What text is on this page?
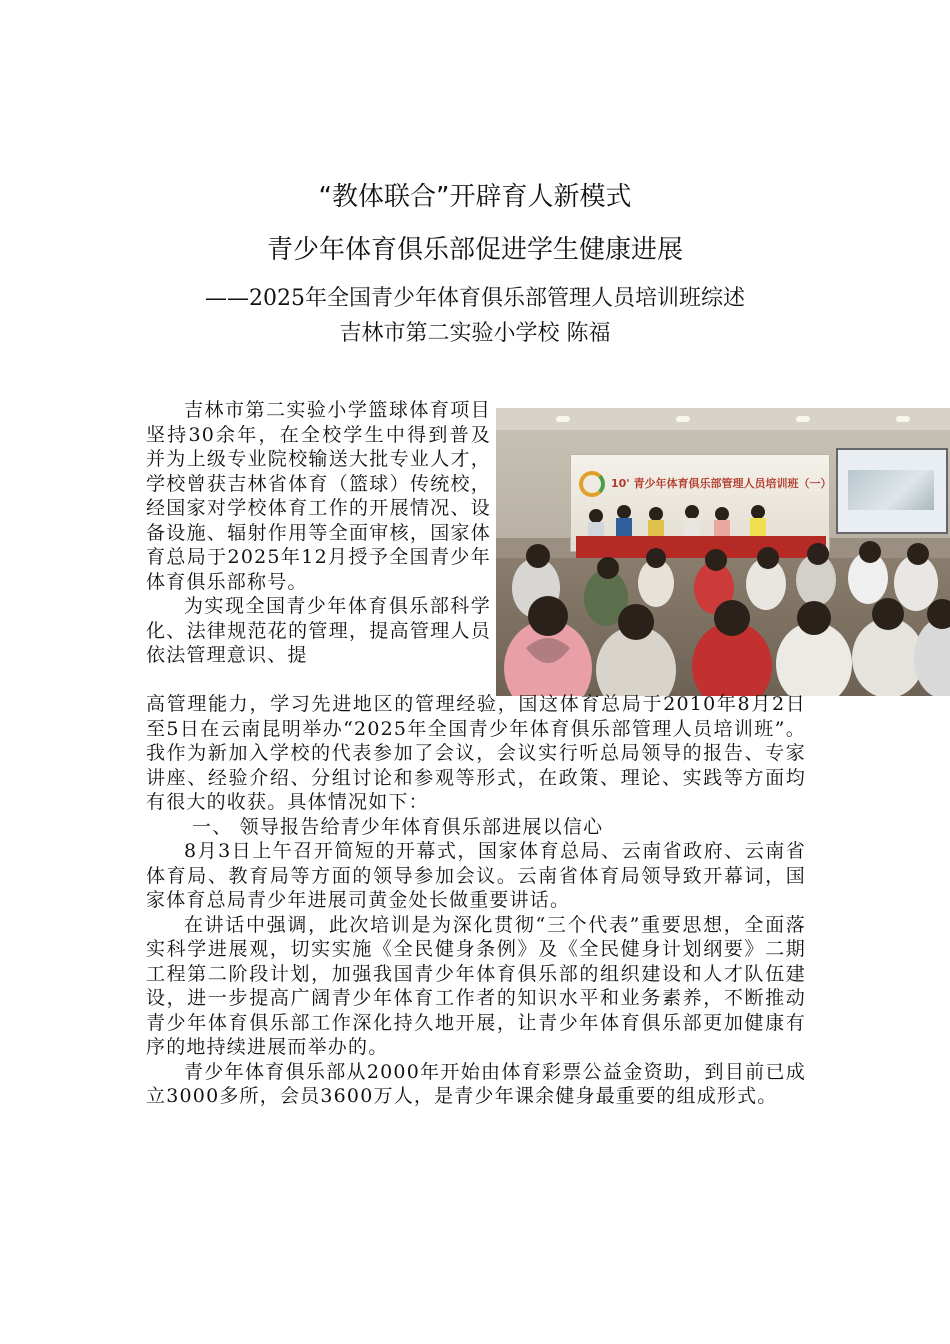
“教体联合”开辟育人新模式
青少年体育俱乐部促进学生健康进展
——2025年全国青少年体育俱乐部管理人员培训班综述
吉林市第二实验小学校 陈福

吉林市第二实验小学篮球体育项目坚持30余年，在全校学生中得到普及并为上级专业院校输送大批专业人才，学校曾获吉林省体育（篮球）传统校，经国家对学校体育工作的开展情况、设备设施、辐射作用等全面审核，国家体育总局于2025年12月授予全国青少年体育俱乐部称号。

为实现全国青少年体育俱乐部科学化、法律规范花的管理，提高管理人员依法管理意识、提

10' 青少年体育俱乐部管理人员培训班（一）

高管理能力，学习先进地区的管理经验，国这体育总局于2010年8月2日至5日在云南昆明举办“2025年全国青少年体育俱乐部管理人员培训班”。我作为新加入学校的代表参加了会议，会议实行听总局领导的报告、专家讲座、经验介绍、分组讨论和参观等形式，在政策、理论、实践等方面均有很大的收获。具体情况如下：

一、 领导报告给青少年体育俱乐部进展以信心

8月3日上午召开简短的开幕式，国家体育总局、云南省政府、云南省体育局、教育局等方面的领导参加会议。云南省体育局领导致开幕词，国家体育总局青少年进展司黄金处长做重要讲话。

在讲话中强调，此次培训是为深化贯彻“三个代表”重要思想，全面落实科学进展观，切实实施《全民健身条例》及《全民健身计划纲要》二期工程第二阶段计划，加强我国青少年体育俱乐部的组织建设和人才队伍建设，进一步提高广阔青少年体育工作者的知识水平和业务素养，不断推动青少年体育俱乐部工作深化持久地开展，让青少年体育俱乐部更加健康有序的地持续进展而举办的。

青少年体育俱乐部从2000年开始由体育彩票公益金资助，到目前已成立3000多所，会员3600万人，是青少年课余健身最重要的组成形式。
